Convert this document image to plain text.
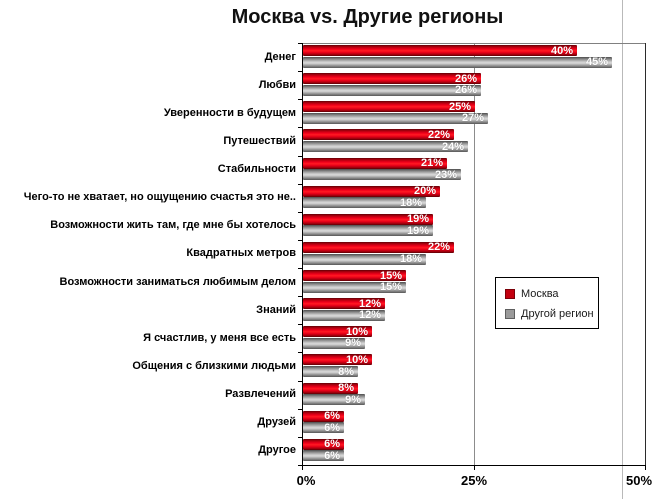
Москва vs. Другие регионы
0%	25%	50%
Денег	40%
45%
Любви	26%
26%
Уверенности в будущем	25%
27%
Путешествий	22%
24%
Стабильности	21%
23%
Чего-то не хватает, но ощущению счастья это не..	20%
18%
Возможности жить там, где мне бы хотелось	19%
19%
Квадратных метров	22%
18%
Возможности заниматься любимым делом	15%
15%
Знаний	12%
12%
Я счастлив, у меня все есть	10%
9%
Общения с близкими людьми	10%
8%
Развлечений	8%
9%
Друзей	6%
6%
Другое	6%
6%
Москва
Другой регион
